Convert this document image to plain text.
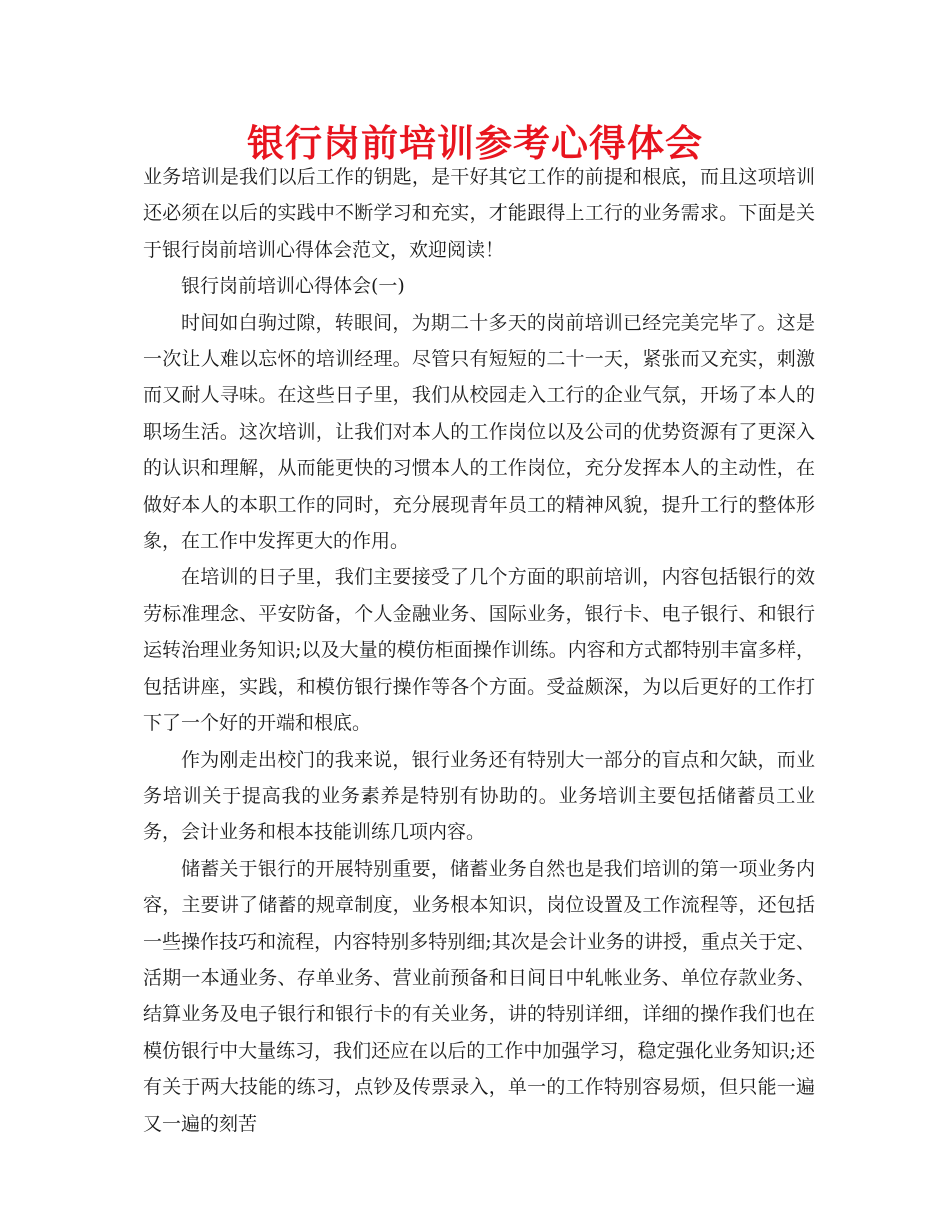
银行岗前培训参考心得体会

业务培训是我们以后工作的钥匙，是干好其它工作的前提和根底，而且这项培训还必须在以后的实践中不断学习和充实，才能跟得上工行的业务需求。下面是关于银行岗前培训心得体会范文，欢迎阅读！

银行岗前培训心得体会(一)

时间如白驹过隙，转眼间，为期二十多天的岗前培训已经完美完毕了。这是一次让人难以忘怀的培训经理。尽管只有短短的二十一天，紧张而又充实，刺激而又耐人寻味。在这些日子里，我们从校园走入工行的企业气氛，开场了本人的职场生活。这次培训，让我们对本人的工作岗位以及公司的优势资源有了更深入的认识和理解，从而能更快的习惯本人的工作岗位，充分发挥本人的主动性，在做好本人的本职工作的同时，充分展现青年员工的精神风貌，提升工行的整体形象，在工作中发挥更大的作用。

在培训的日子里，我们主要接受了几个方面的职前培训，内容包括银行的效劳标准理念、平安防备，个人金融业务、国际业务，银行卡、电子银行、和银行运转治理业务知识;以及大量的模仿柜面操作训练。内容和方式都特别丰富多样，包括讲座，实践，和模仿银行操作等各个方面。受益颇深，为以后更好的工作打下了一个好的开端和根底。

作为刚走出校门的我来说，银行业务还有特别大一部分的盲点和欠缺，而业务培训关于提高我的业务素养是特别有协助的。业务培训主要包括储蓄员工业务，会计业务和根本技能训练几项内容。

储蓄关于银行的开展特别重要，储蓄业务自然也是我们培训的第一项业务内容，主要讲了储蓄的规章制度，业务根本知识，岗位设置及工作流程等，还包括一些操作技巧和流程，内容特别多特别细;其次是会计业务的讲授，重点关于定、活期一本通业务、存单业务、营业前预备和日间日中轧帐业务、单位存款业务、结算业务及电子银行和银行卡的有关业务，讲的特别详细，详细的操作我们也在模仿银行中大量练习，我们还应在以后的工作中加强学习，稳定强化业务知识;还有关于两大技能的练习，点钞及传票录入，单一的工作特别容易烦，但只能一遍又一遍的刻苦
